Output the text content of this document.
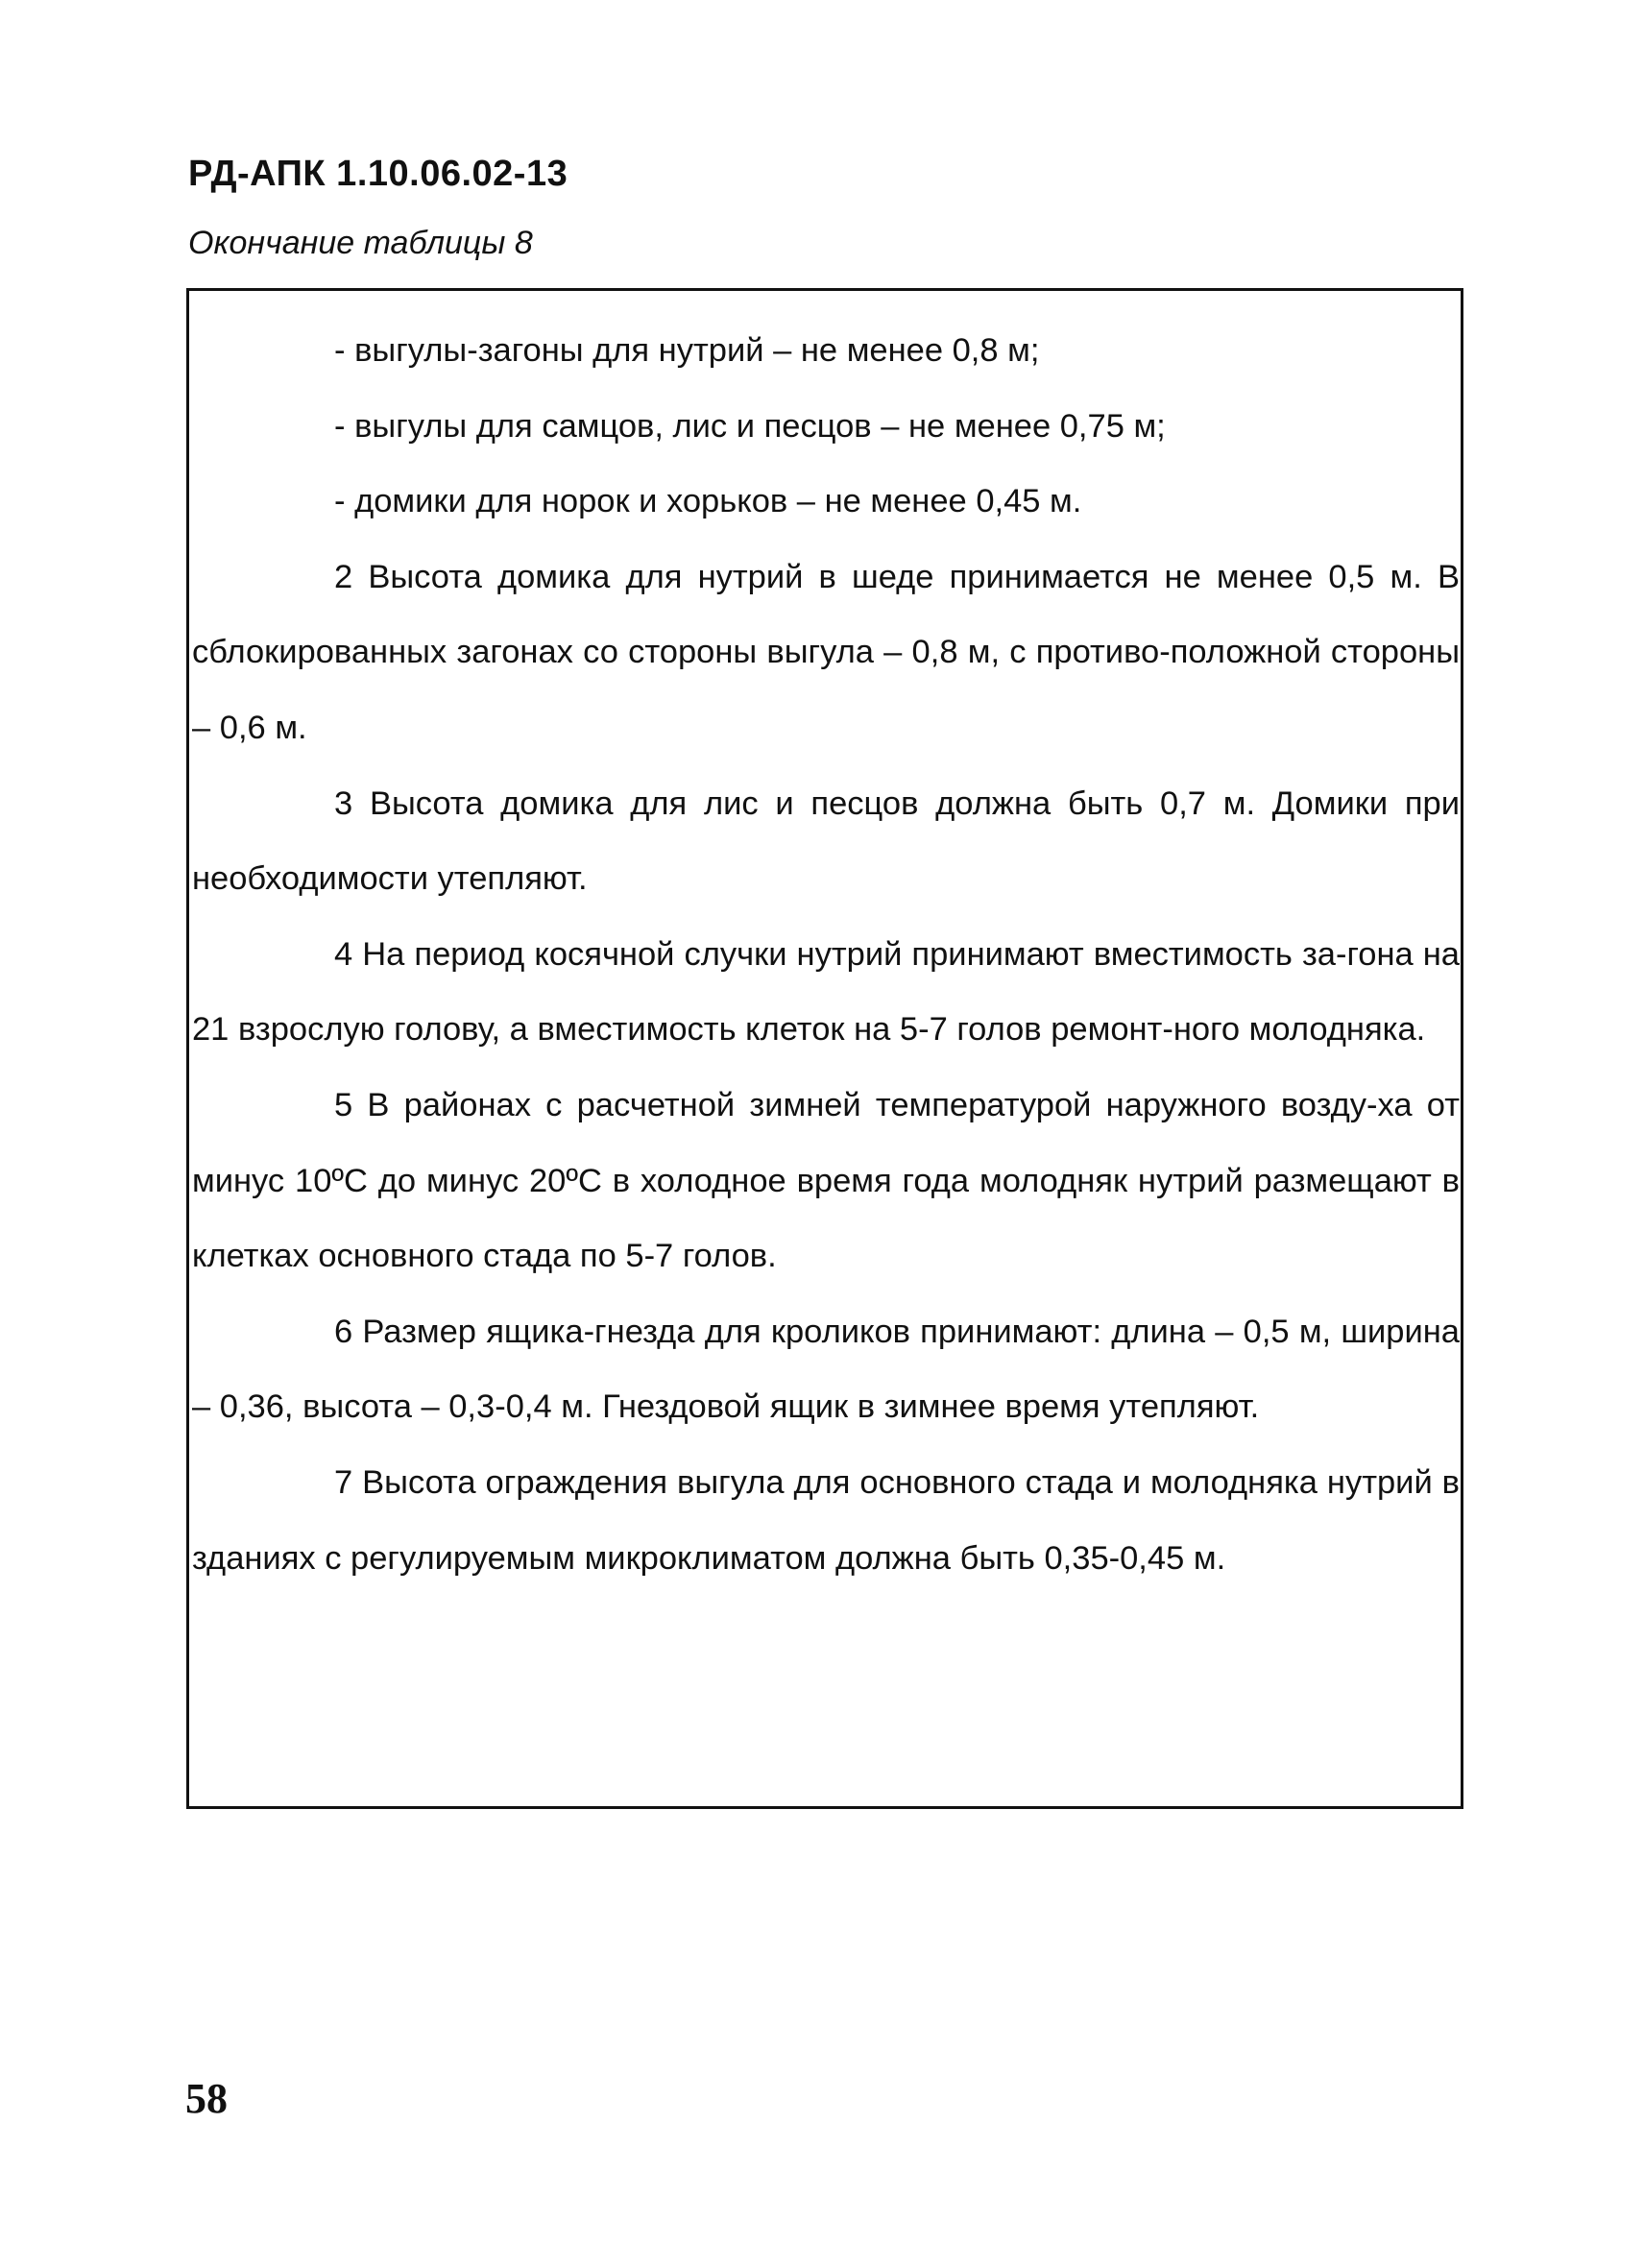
РД-АПК 1.10.06.02-13

Окончание таблицы 8

- выгулы-загоны для нутрий – не менее 0,8 м;

- выгулы для самцов, лис и песцов – не менее 0,75 м;

- домики для норок и хорьков – не менее 0,45 м.

2 Высота домика для нутрий в шеде принимается не менее 0,5 м. В сблокированных загонах со стороны выгула – 0,8 м, с противо-положной стороны – 0,6 м.

3 Высота домика для лис и песцов должна быть 0,7 м. Домики при необходимости утепляют.

4 На период косячной случки нутрий принимают вместимость за-гона на 21 взрослую голову, а вместимость клеток на 5-7 голов ремонт-ного молодняка.

5 В районах с расчетной зимней температурой наружного возду-ха от минус 10ºС до минус 20ºС в холодное время года молодняк нутрий размещают в клетках основного стада по 5-7 голов.

6 Размер ящика-гнезда для кроликов принимают: длина – 0,5 м, ширина – 0,36, высота – 0,3-0,4 м. Гнездовой ящик в зимнее время утепляют.

7 Высота ограждения выгула для основного стада и молодняка нутрий в зданиях с регулируемым микроклиматом должна быть 0,35-0,45 м.

58
